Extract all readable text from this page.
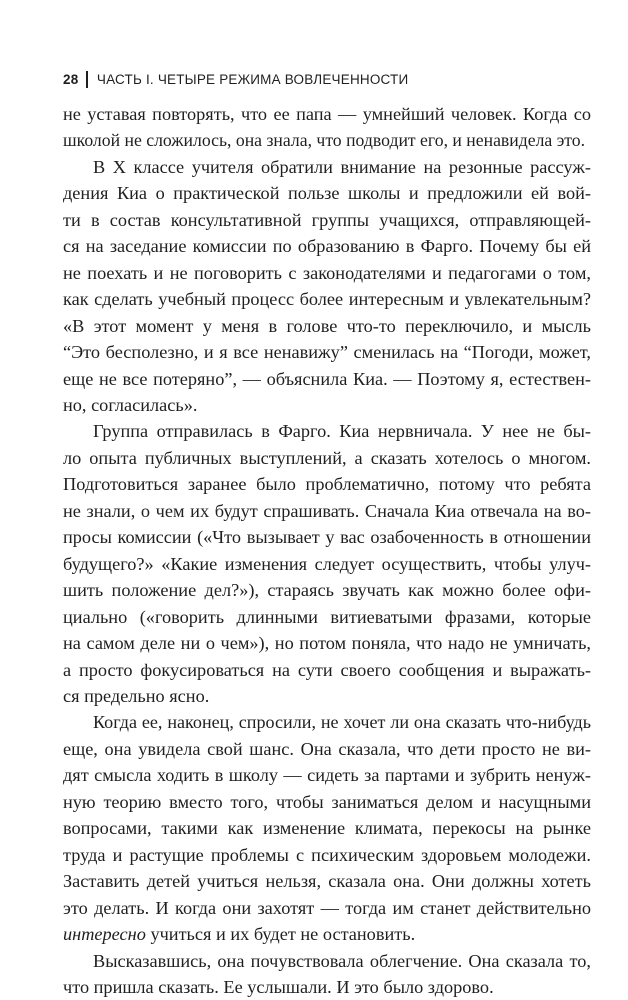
28 ЧАСТЬ I. ЧЕТЫРЕ РЕЖИМА ВОВЛЕЧЕННОСТИ
не уставая повторять, что ее папа — умнейший человек. Когда со
школой не сложилось, она знала, что подводит его, и ненавидела это.
В X классе учителя обратили внимание на резонные рассуж-
дения Киа о практической пользе школы и предложили ей вой-
ти в состав консультативной группы учащихся, отправляющей-
ся на заседание комиссии по образованию в Фарго. Почему бы ей
не поехать и не поговорить с законодателями и педагогами о том,
как сделать учебный процесс более интересным и увлекательным?
«В этот момент у меня в голове что-то переключило, и мысль
“Это бесполезно, и я все ненавижу” сменилась на “Погоди, может,
еще не все потеряно”, — объяснила Киа. — Поэтому я, естествен-
но, согласилась».
Группа отправилась в Фарго. Киа нервничала. У нее не бы-
ло опыта публичных выступлений, а сказать хотелось о многом.
Подготовиться заранее было проблематично, потому что ребята
не знали, о чем их будут спрашивать. Сначала Киа отвечала на во-
просы комиссии («Что вызывает у вас озабоченность в отношении
будущего?» «Какие изменения следует осуществить, чтобы улуч-
шить положение дел?»), стараясь звучать как можно более офи-
циально («говорить длинными витиеватыми фразами, которые
на самом деле ни о чем»), но потом поняла, что надо не умничать,
а просто фокусироваться на сути своего сообщения и выражать-
ся предельно ясно.
Когда ее, наконец, спросили, не хочет ли она сказать что-нибудь
еще, она увидела свой шанс. Она сказала, что дети просто не ви-
дят смысла ходить в школу — сидеть за партами и зубрить ненуж-
ную теорию вместо того, чтобы заниматься делом и насущными
вопросами, такими как изменение климата, перекосы на рынке
труда и растущие проблемы с психическим здоровьем молодежи.
Заставить детей учиться нельзя, сказала она. Они должны хотеть
это делать. И когда они захотят — тогда им станет действительно
интересно учиться и их будет не остановить.
Высказавшись, она почувствовала облегчение. Она сказала то,
что пришла сказать. Ее услышали. И это было здорово.
